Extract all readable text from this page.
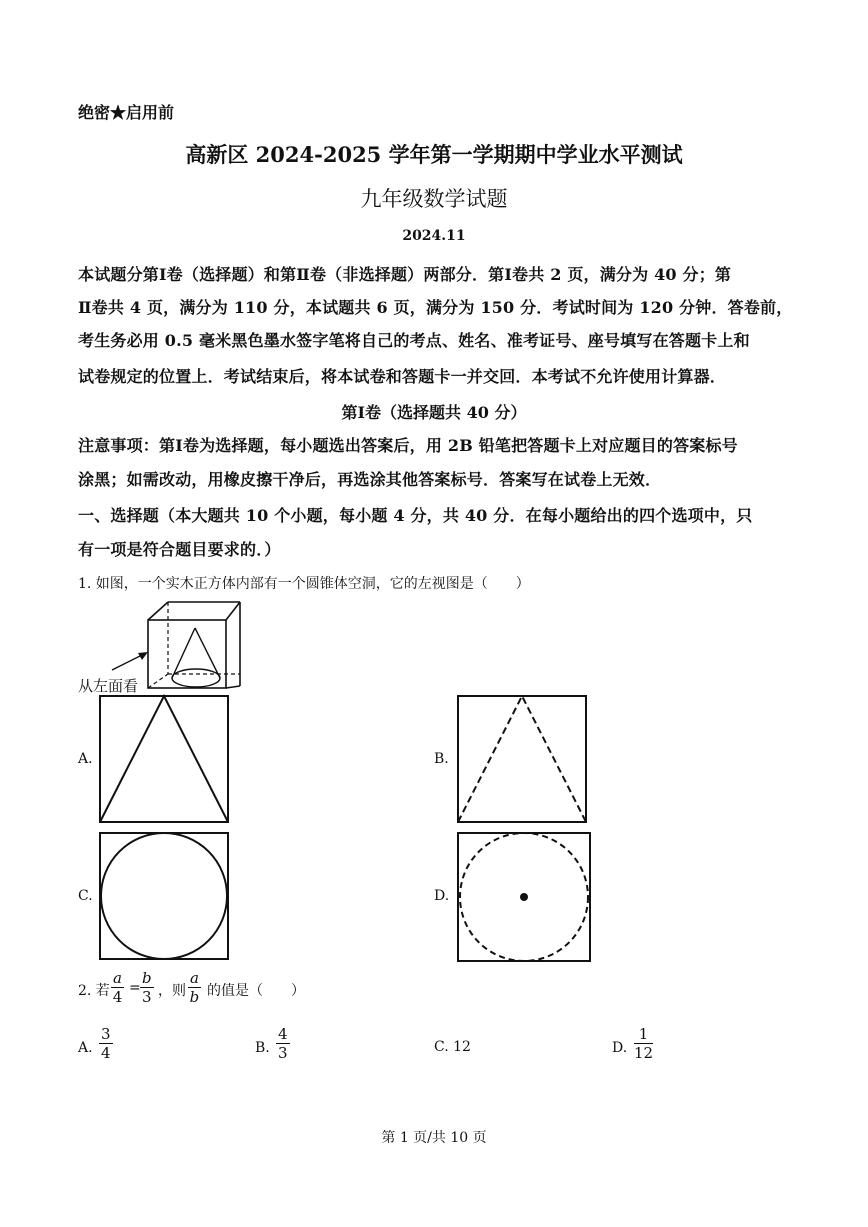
绝密★启用前
高新区 2024-2025 学年第一学期期中学业水平测试
九年级数学试题
2024.11
本试题分第Ⅰ卷（选择题）和第Ⅱ卷（非选择题）两部分．第Ⅰ卷共 2 页，满分为 40 分；第
Ⅱ卷共 4 页，满分为 110 分，本试题共 6 页，满分为 150 分．考试时间为 120 分钟．答卷前，
考生务必用 0.5 毫米黑色墨水签字笔将自己的考点、姓名、准考证号、座号填写在答题卡上和
试卷规定的位置上．考试结束后，将本试卷和答题卡一并交回．本考试不允许使用计算器．
第Ⅰ卷（选择题共 40 分）
注意事项：第Ⅰ卷为选择题，每小题选出答案后，用 2B 铅笔把答题卡上对应题目的答案标号
涂黑；如需改动，用橡皮擦干净后，再选涂其他答案标号．答案写在试卷上无效．
一、选择题（本大题共 10 个小题，每小题 4 分，共 40 分．在每小题给出的四个选项中，只
有一项是符合题目要求的．）
1. 如图，一个实木正方体内部有一个圆锥体空洞，它的左视图是（　　）
从左面看
A.	B.
C.	D.
2. 若 $\frac{a}{4} = \frac{b}{3}$ ，则 $\frac{a}{b}$ 的值是（　　）
A. $\frac{3}{4}$	B. $\frac{4}{3}$	C. 12	D. $\frac{1}{12}$
第 1 页/共 10 页
